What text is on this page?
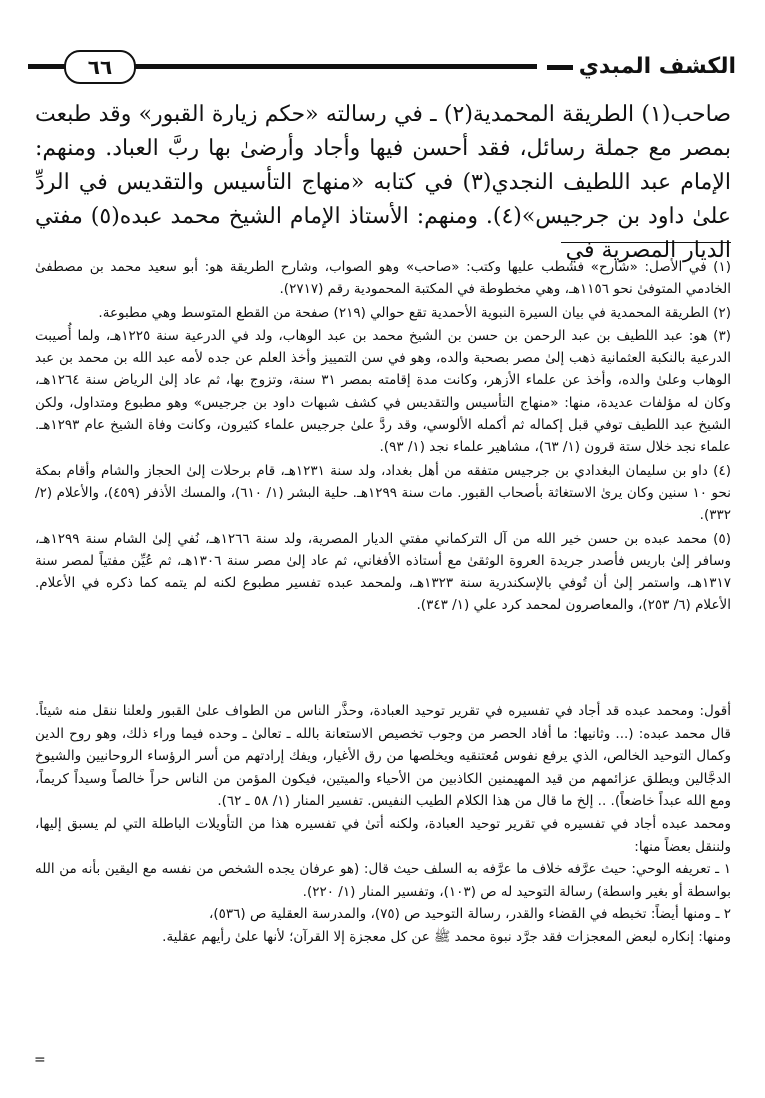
الكشف المبدي
٦٦

صاحب(١) الطريقة المحمدية(٢) ـ في رسالته «حكم زيارة القبور» وقد طبعت بمصر مع جملة رسائل، فقد أحسن فيها وأجاد وأرضىٰ بها ربَّ العباد. ومنهم: الإمام عبد اللطيف النجدي(٣) في كتابه «منهاج التأسيس والتقديس في الردِّ علىٰ داود بن جرجيس»(٤). ومنهم: الأستاذ الإمام الشيخ محمد عبده(٥) مفتي الديار المصرية في

(١) في الأصل: «شارح» فشطب عليها وكتب: «صاحب» وهو الصواب، وشارح الطريقة هو: أبو سعيد محمد بن مصطفىٰ الخادمي المتوفىٰ نحو ١١٥٦هـ، وهي مخطوطة في المكتبة المحمودية رقم (٢٧١٧).

(٢) الطريقة المحمدية في بيان السيرة النبوية الأحمدية تقع حوالي (٢١٩) صفحة من القطع المتوسط وهي مطبوعة.

(٣) هو: عبد اللطيف بن عبد الرحمن بن حسن بن الشيخ محمد بن عبد الوهاب، ولد في الدرعية سنة ١٢٢٥هـ، ولما أُصيبت الدرعية بالنكبة العثمانية ذهب إلىٰ مصر بصحبة والده، وهو في سن التمييز وأخذ العلم عن جده لأمه عبد الله بن محمد بن عبد الوهاب وعلىٰ والده، وأخذ عن علماء الأزهر، وكانت مدة إقامته بمصر ٣١ سنة، وتزوج بها، ثم عاد إلىٰ الرياض سنة ١٢٦٤هـ، وكان له مؤلفات عديدة، منها: «منهاج التأسيس والتقديس في كشف شبهات داود بن جرجيس» وهو مطبوع ومتداول، ولكن الشيخ عبد اللطيف توفي قبل إكماله ثم أكمله الألوسي، وقد ردَّ علىٰ جرجيس علماء كثيرون، وكانت وفاة الشيخ عام ١٢٩٣هـ. علماء نجد خلال ستة قرون (١/ ٦٣)، مشاهير علماء نجد (١/ ٩٣).

(٤) داو بن سليمان البغدادي بن جرجيس متفقه من أهل بغداد، ولد سنة ١٢٣١هـ، قام برحلات إلىٰ الحجاز والشام وأقام بمكة نحو ١٠ سنين وكان يرىٰ الاستغاثة بأصحاب القبور. مات سنة ١٢٩٩هـ. حلية البشر (١/ ٦١٠)، والمسك الأذفر (٤٥٩)، والأعلام (٢/ ٣٣٢).

(٥) محمد عبده بن حسن خير الله من آل التركماني مفتي الديار المصرية، ولد سنة ١٢٦٦هـ، نُفي إلىٰ الشام سنة ١٢٩٩هـ، وسافر إلىٰ باريس فأصدر جريدة العروة الوثقىٰ مع أستاذه الأفغاني، ثم عاد إلىٰ مصر سنة ١٣٠٦هـ، ثم عُيِّن مفتياً لمصر سنة ١٣١٧هـ، واستمر إلىٰ أن تُوفي بالإسكندرية سنة ١٣٢٣هـ، ولمحمد عبده تفسير مطبوع لكنه لم يتمه كما ذكره في الأعلام. الأعلام (٦/ ٢٥٣)، والمعاصرون لمحمد كرد علي (١/ ٣٤٣).

أقول: ومحمد عبده قد أجاد في تفسيره في تقرير توحيد العبادة، وحذَّر الناس من الطواف علىٰ القبور ولعلنا ننقل منه شيئاً. قال محمد عبده: (... وثانيها: ما أفاد الحصر من وجوب تخصيص الاستعانة بالله ـ تعالىٰ ـ وحده فيما وراء ذلك، وهو روح الدين وكمال التوحيد الخالص، الذي يرفع نفوس مُعتنقيه ويخلصها من رق الأغيار، ويفك إرادتهم من أسر الرؤساء الروحانيين والشيوخ الدجَّالين ويطلق عزائمهم من قيد المهيمنين الكاذبين من الأحياء والميتين، فيكون المؤمن من الناس حراً خالصاً وسيداً كريماً، ومع الله عبداً خاضعاً). .. إلخ ما قال من هذا الكلام الطيب النفيس. تفسير المنار (١/ ٥٨ ـ ٦٢).

ومحمد عبده أجاد في تفسيره في تقرير توحيد العبادة، ولكنه أتىٰ في تفسيره هذا من التأويلات الباطلة التي لم يسبق إليها، ولننقل بعضاً منها:

١ ـ تعريفه الوحي: حيث عرَّفه خلاف ما عرَّفه به السلف حيث قال: (هو عرفان يجده الشخص من نفسه مع اليقين بأنه من الله بواسطة أو بغير واسطة) رسالة التوحيد له ص (١٠٣)، وتفسير المنار (١/ ٢٢٠).

٢ ـ ومنها أيضاً: تخبطه في القضاء والقدر، رسالة التوحيد ص (٧٥)، والمدرسة العقلية ص (٥٣٦)،

ومنها: إنكاره لبعض المعجزات فقد جرَّد نبوة محمد ﷺ عن كل معجزة إلا القرآن؛ لأنها علىٰ رأيهم عقلية.

=
